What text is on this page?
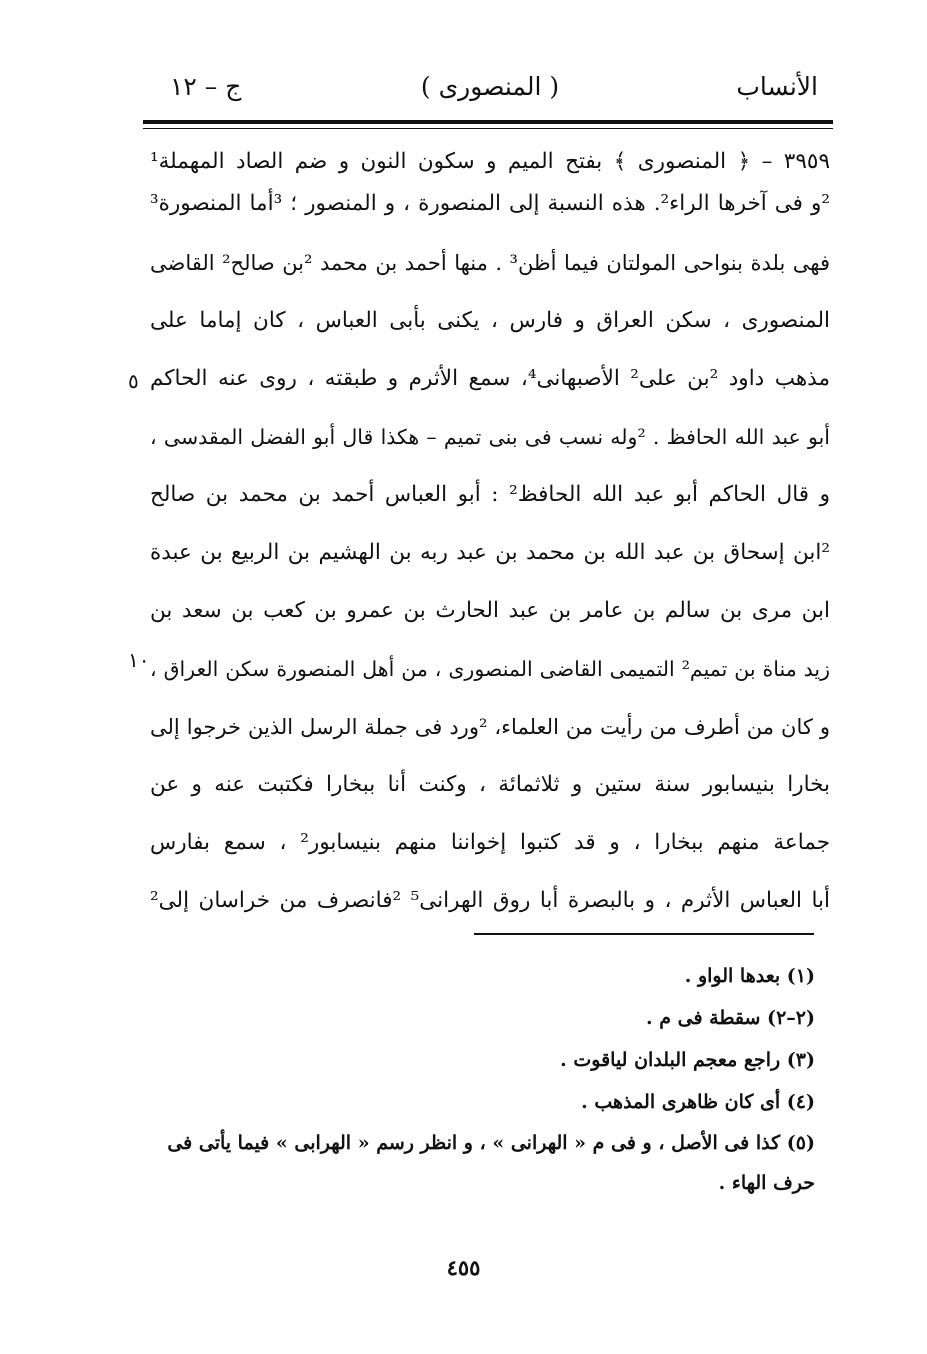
الأنساب
( المنصورى )
ج – ١٢
٣٩٥٩ – ﴿ المنصورى ﴾ بفتح الميم و سكون النون و ضم الصاد المهملة¹
²و فى آخرها الراء². هذه النسبة إلى المنصورة ، و المنصور ؛ ³أما المنصورة³
فهى بلدة بنواحى المولتان فيما أظن³ . منها أحمد بن محمد ²بن صالح² القاضى
المنصورى ، سكن العراق و فارس ، يكنى بأبى العباس ، كان إماما على
مذهب داود ²بن على² الأصبهانى⁴، سمع الأثرم و طبقته ، روى عنه الحاكم
أبو عبد الله الحافظ . ²وله نسب فى بنى تميم – هكذا قال أبو الفضل المقدسى ،
و قال الحاكم أبو عبد الله الحافظ² : أبو العباس أحمد بن محمد بن صالح
²ابن إسحاق بن عبد الله بن محمد بن عبد ربه بن الهشيم بن الربيع بن عبدة
ابن مرى بن سالم بن عامر بن عبد الحارث بن عمرو بن كعب بن سعد بن
زيد مناة بن تميم² التميمى القاضى المنصورى ، من أهل المنصورة سكن العراق ،
و كان من أطرف من رأيت من العلماء، ²ورد فى جملة الرسل الذين خرجوا إلى
بخارا بنيسابور سنة ستين و ثلاثمائة ، وكنت أنا ببخارا فكتبت عنه و عن
جماعة منهم ببخارا ، و قد كتبوا إخواننا منهم بنيسابور² ، سمع بفارس
أبا العباس الأثرم ، و بالبصرة أبا روق الهرانى⁵ ²فانصرف من خراسان إلى²
٥
١٠
(١) بعدها الواو .
(٢–٢) سقطة فى م .
(٣) راجع معجم البلدان لياقوت .
(٤) أى كان ظاهرى المذهب .
(٥) كذا فى الأصل ، و فى م « الهرانى » ، و انظر رسم « الهرابى » فيما يأتى فى حرف الهاء .
٤٥٥
